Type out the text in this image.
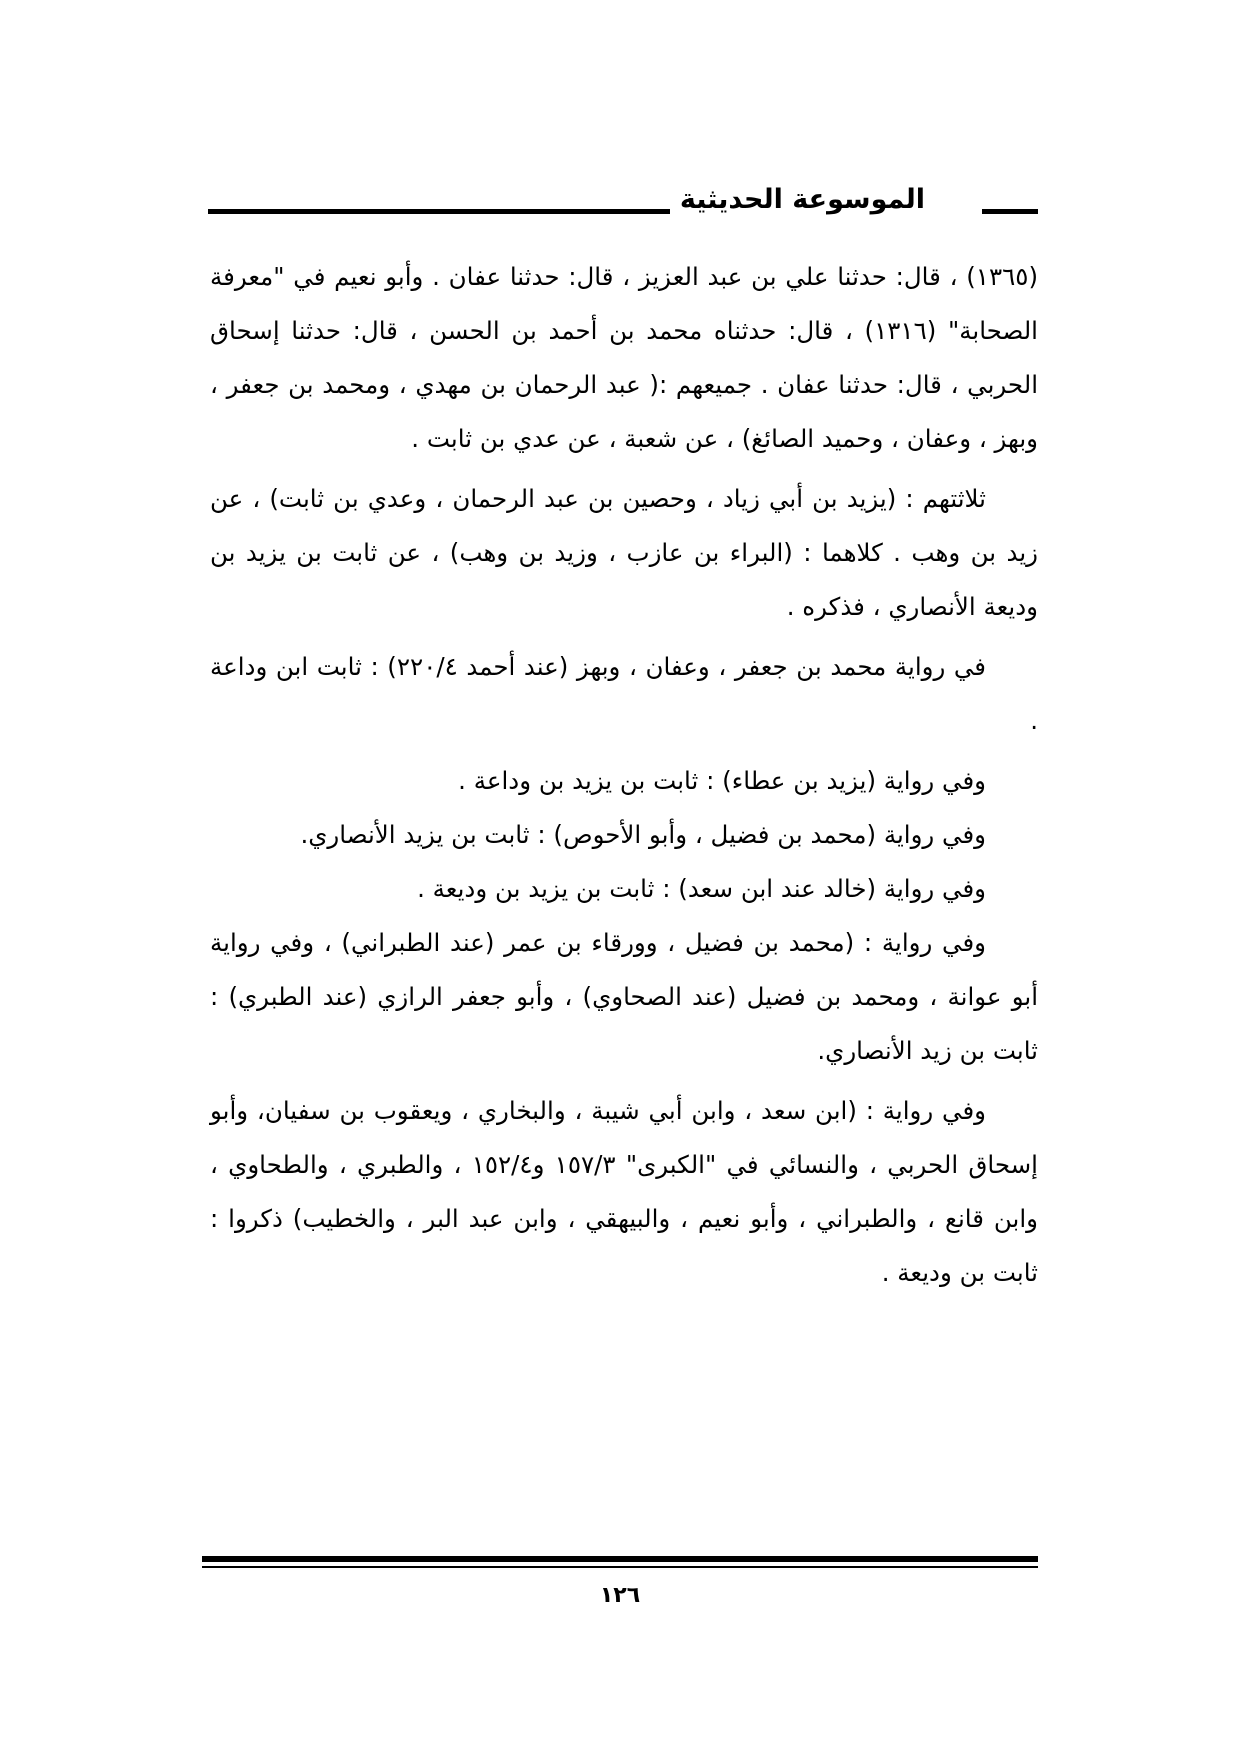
الموسوعة الحديثية

(١٣٦٥) ، قال: حدثنا علي بن عبد العزيز ، قال: حدثنا عفان . وأبو نعيم في "معرفة الصحابة" (١٣١٦) ، قال: حدثناه محمد بن أحمد بن الحسن ، قال: حدثنا إسحاق الحربي ، قال: حدثنا عفان . جميعهم :( عبد الرحمان بن مهدي ، ومحمد بن جعفر ، وبهز ، وعفان ، وحميد الصائغ) ، عن شعبة ، عن عدي بن ثابت .

ثلاثتهم : (يزيد بن أبي زياد ، وحصين بن عبد الرحمان ، وعدي بن ثابت) ، عن زيد بن وهب . كلاهما : (البراء بن عازب ، وزيد بن وهب) ، عن ثابت بن يزيد بن وديعة الأنصاري ، فذكره .

في رواية محمد بن جعفر ، وعفان ، وبهز (عند أحمد ٢٢٠/٤) : ثابت ابن وداعة .

وفي رواية (يزيد بن عطاء) : ثابت بن يزيد بن وداعة .

وفي رواية (محمد بن فضيل ، وأبو الأحوص) : ثابت بن يزيد الأنصاري.

وفي رواية (خالد عند ابن سعد) : ثابت بن يزيد بن وديعة .

وفي رواية : (محمد بن فضيل ، وورقاء بن عمر (عند الطبراني) ، وفي رواية أبو عوانة ، ومحمد بن فضيل (عند الصحاوي) ، وأبو جعفر الرازي (عند الطبري) : ثابت بن زيد الأنصاري.

وفي رواية : (ابن سعد ، وابن أبي شيبة ، والبخاري ، ويعقوب بن سفيان، وأبو إسحاق الحربي ، والنسائي في "الكبرى" ١٥٧/٣ و١٥٢/٤ ، والطبري ، والطحاوي ، وابن قانع ، والطبراني ، وأبو نعيم ، والبيهقي ، وابن عبد البر ، والخطيب) ذكروا : ثابت بن وديعة .

١٢٦
